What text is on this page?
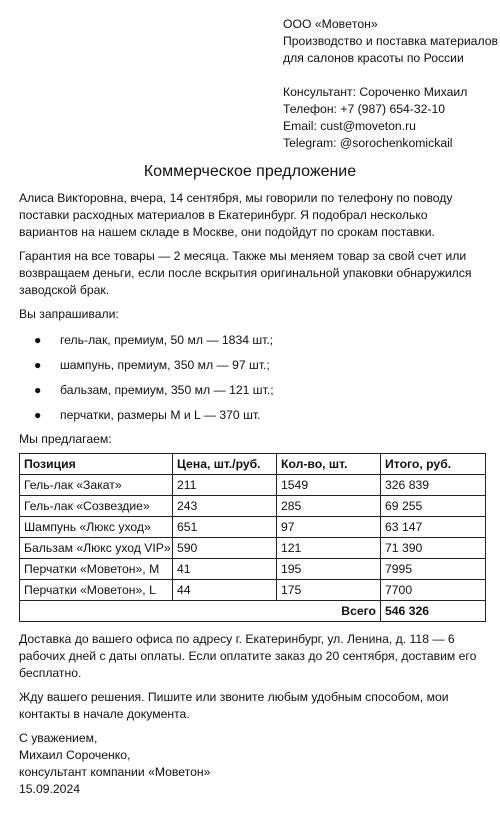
ООО «Мовeтон»
Производство и поставка материалов
для салонов красоты по России
Консультант: Сороченко Михаил
Телефон: +7 (987) 654-32-10
Email: cust@moveton.ru
Telegram: @sorochenkomickail
Коммерческое предложение
Алиса Викторовна, вчера, 14 сентября, мы говорили по телефону по поводу поставки расходных материалов в Екатеринбург. Я подобрал несколько вариантов на нашем складе в Москве, они подойдут по срокам поставки.
Гарантия на все товары — 2 месяца. Также мы меняем товар за свой счет или возвращаем деньги, если после вскрытия оригинальной упаковки обнаружился заводской брак.
Вы запрашивали:
● гель-лак, премиум, 50 мл — 1834 шт.;
● шампунь, премиум, 350 мл — 97 шт.;
● бальзам, премиум, 350 мл — 121 шт.;
● перчатки, размеры M и L — 370 шт.
Мы предлагаем:
Позиция	Цена, шт./руб.	Кол-во, шт.	Итого, руб.
Гель-лак «Закат»	211	1549	326 839
Гель-лак «Созвездие»	243	285	69 255
Шампунь «Люкс уход»	651	97	63 147
Бальзам «Люкс уход VIP»	590	121	71 390
Перчатки «Моветон», M	41	195	7995
Перчатки «Моветон», L	44	175	7700
Всего			546 326
Доставка до вашего офиса по адресу г. Екатеринбург, ул. Ленина, д. 118 — 6 рабочих дней с даты оплаты. Если оплатите заказ до 20 сентября, доставим его бесплатно.
Жду вашего решения. Пишите или звоните любым удобным способом, мои контакты в начале документа.
С уважением,
Михаил Сороченко,
консультант компании «Моветон»
15.09.2024
